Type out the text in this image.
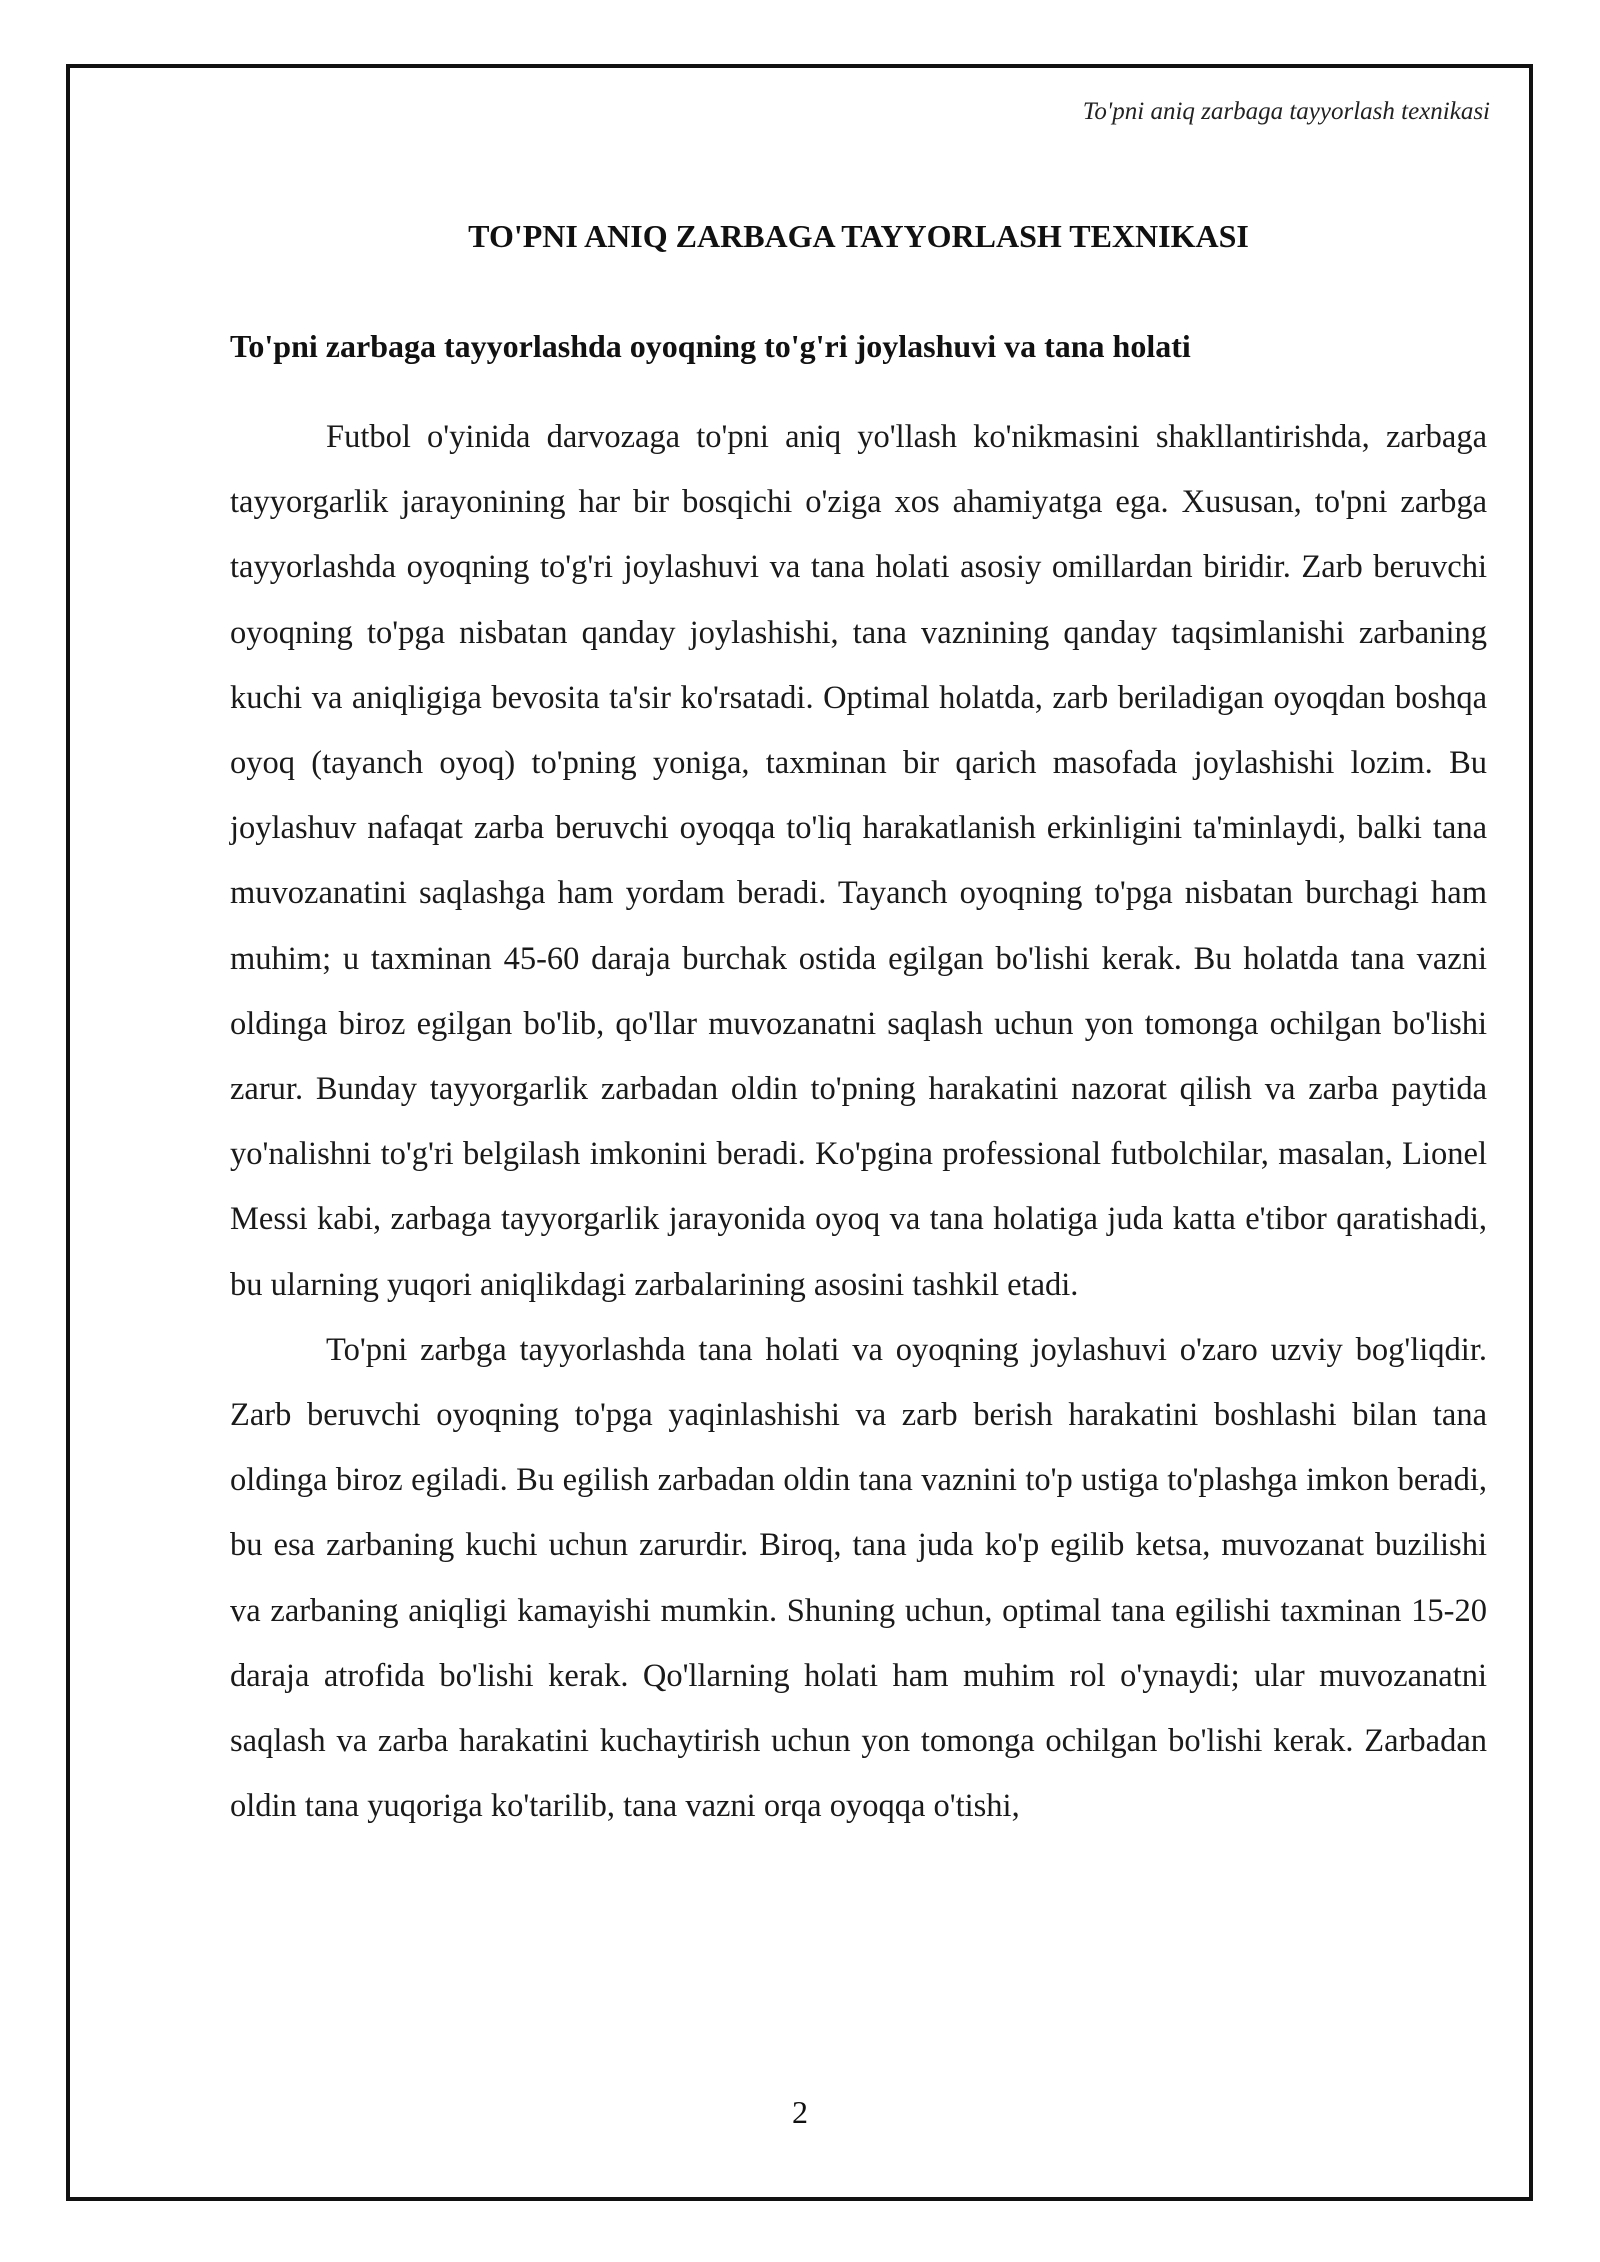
To'pni aniq zarbaga tayyorlash texnikasi
TO'PNI ANIQ ZARBAGA TAYYORLASH TEXNIKASI
To'pni zarbaga tayyorlashda oyoqning to'g'ri joylashuvi va tana holati

Futbol o'yinida darvozaga to'pni aniq yo'llash ko'nikmasini shakllantirishda, zarbaga tayyorgarlik jarayonining har bir bosqichi o'ziga xos ahamiyatga ega. Xususan, to'pni zarbga tayyorlashda oyoqning to'g'ri joylashuvi va tana holati asosiy omillardan biridir. Zarb beruvchi oyoqning to'pga nisbatan qanday joylashishi, tana vaznining qanday taqsimlanishi zarbaning kuchi va aniqligiga bevosita ta'sir ko'rsatadi. Optimal holatda, zarb beriladigan oyoqdan boshqa oyoq (tayanch oyoq) to'pning yoniga, taxminan bir qarich masofada joylashishi lozim. Bu joylashuv nafaqat zarba beruvchi oyoqqa to'liq harakatlanish erkinligini ta'minlaydi, balki tana muvozanatini saqlashga ham yordam beradi. Tayanch oyoqning to'pga nisbatan burchagi ham muhim; u taxminan 45-60 daraja burchak ostida egilgan bo'lishi kerak. Bu holatda tana vazni oldinga biroz egilgan bo'lib, qo'llar muvozanatni saqlash uchun yon tomonga ochilgan bo'lishi zarur. Bunday tayyorgarlik zarbadan oldin to'pning harakatini nazorat qilish va zarba paytida yo'nalishni to'g'ri belgilash imkonini beradi. Ko'pgina professional futbolchilar, masalan, Lionel Messi kabi, zarbaga tayyorgarlik jarayonida oyoq va tana holatiga juda katta e'tibor qaratishadi, bu ularning yuqori aniqlikdagi zarbalarining asosini tashkil etadi.

To'pni zarbga tayyorlashda tana holati va oyoqning joylashuvi o'zaro uzviy bog'liqdir. Zarb beruvchi oyoqning to'pga yaqinlashishi va zarb berish harakatini boshlashi bilan tana oldinga biroz egiladi. Bu egilish zarbadan oldin tana vaznini to'p ustiga to'plashga imkon beradi, bu esa zarbaning kuchi uchun zarurdir. Biroq, tana juda ko'p egilib ketsa, muvozanat buzilishi va zarbaning aniqligi kamayishi mumkin. Shuning uchun, optimal tana egilishi taxminan 15-20 daraja atrofida bo'lishi kerak. Qo'llarning holati ham muhim rol o'ynaydi; ular muvozanatni saqlash va zarba harakatini kuchaytirish uchun yon tomonga ochilgan bo'lishi kerak. Zarbadan oldin tana yuqoriga ko'tarilib, tana vazni orqa oyoqqa o'tishi,

2
